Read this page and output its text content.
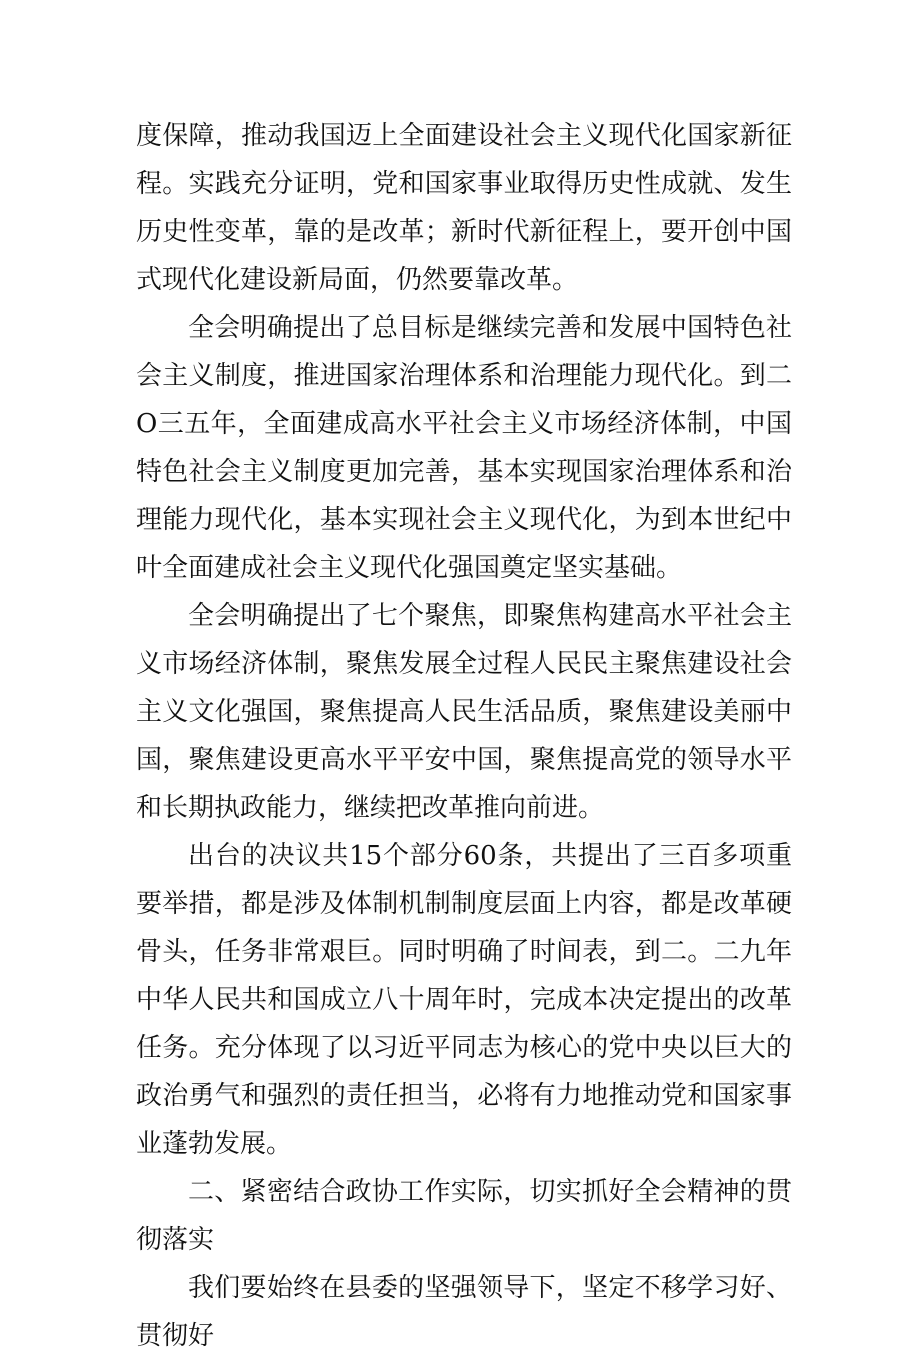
度保障，推动我国迈上全面建设社会主义现代化国家新征程。实践充分证明，党和国家事业取得历史性成就、发生历史性变革，靠的是改革；新时代新征程上，要开创中国式现代化建设新局面，仍然要靠改革。

全会明确提出了总目标是继续完善和发展中国特色社会主义制度，推进国家治理体系和治理能力现代化。到二O三五年，全面建成高水平社会主义市场经济体制，中国特色社会主义制度更加完善，基本实现国家治理体系和治理能力现代化，基本实现社会主义现代化，为到本世纪中叶全面建成社会主义现代化强国奠定坚实基础。

全会明确提出了七个聚焦，即聚焦构建高水平社会主义市场经济体制，聚焦发展全过程人民民主聚焦建设社会主义文化强国，聚焦提高人民生活品质，聚焦建设美丽中国，聚焦建设更高水平平安中国，聚焦提高党的领导水平和长期执政能力，继续把改革推向前进。

出台的决议共15个部分60条，共提出了三百多项重要举措，都是涉及体制机制制度层面上内容，都是改革硬骨头，任务非常艰巨。同时明确了时间表，到二。二九年中华人民共和国成立八十周年时，完成本决定提出的改革任务。充分体现了以习近平同志为核心的党中央以巨大的政治勇气和强烈的责任担当，必将有力地推动党和国家事业蓬勃发展。

二、紧密结合政协工作实际，切实抓好全会精神的贯彻落实

我们要始终在县委的坚强领导下，坚定不移学习好、贯彻好
